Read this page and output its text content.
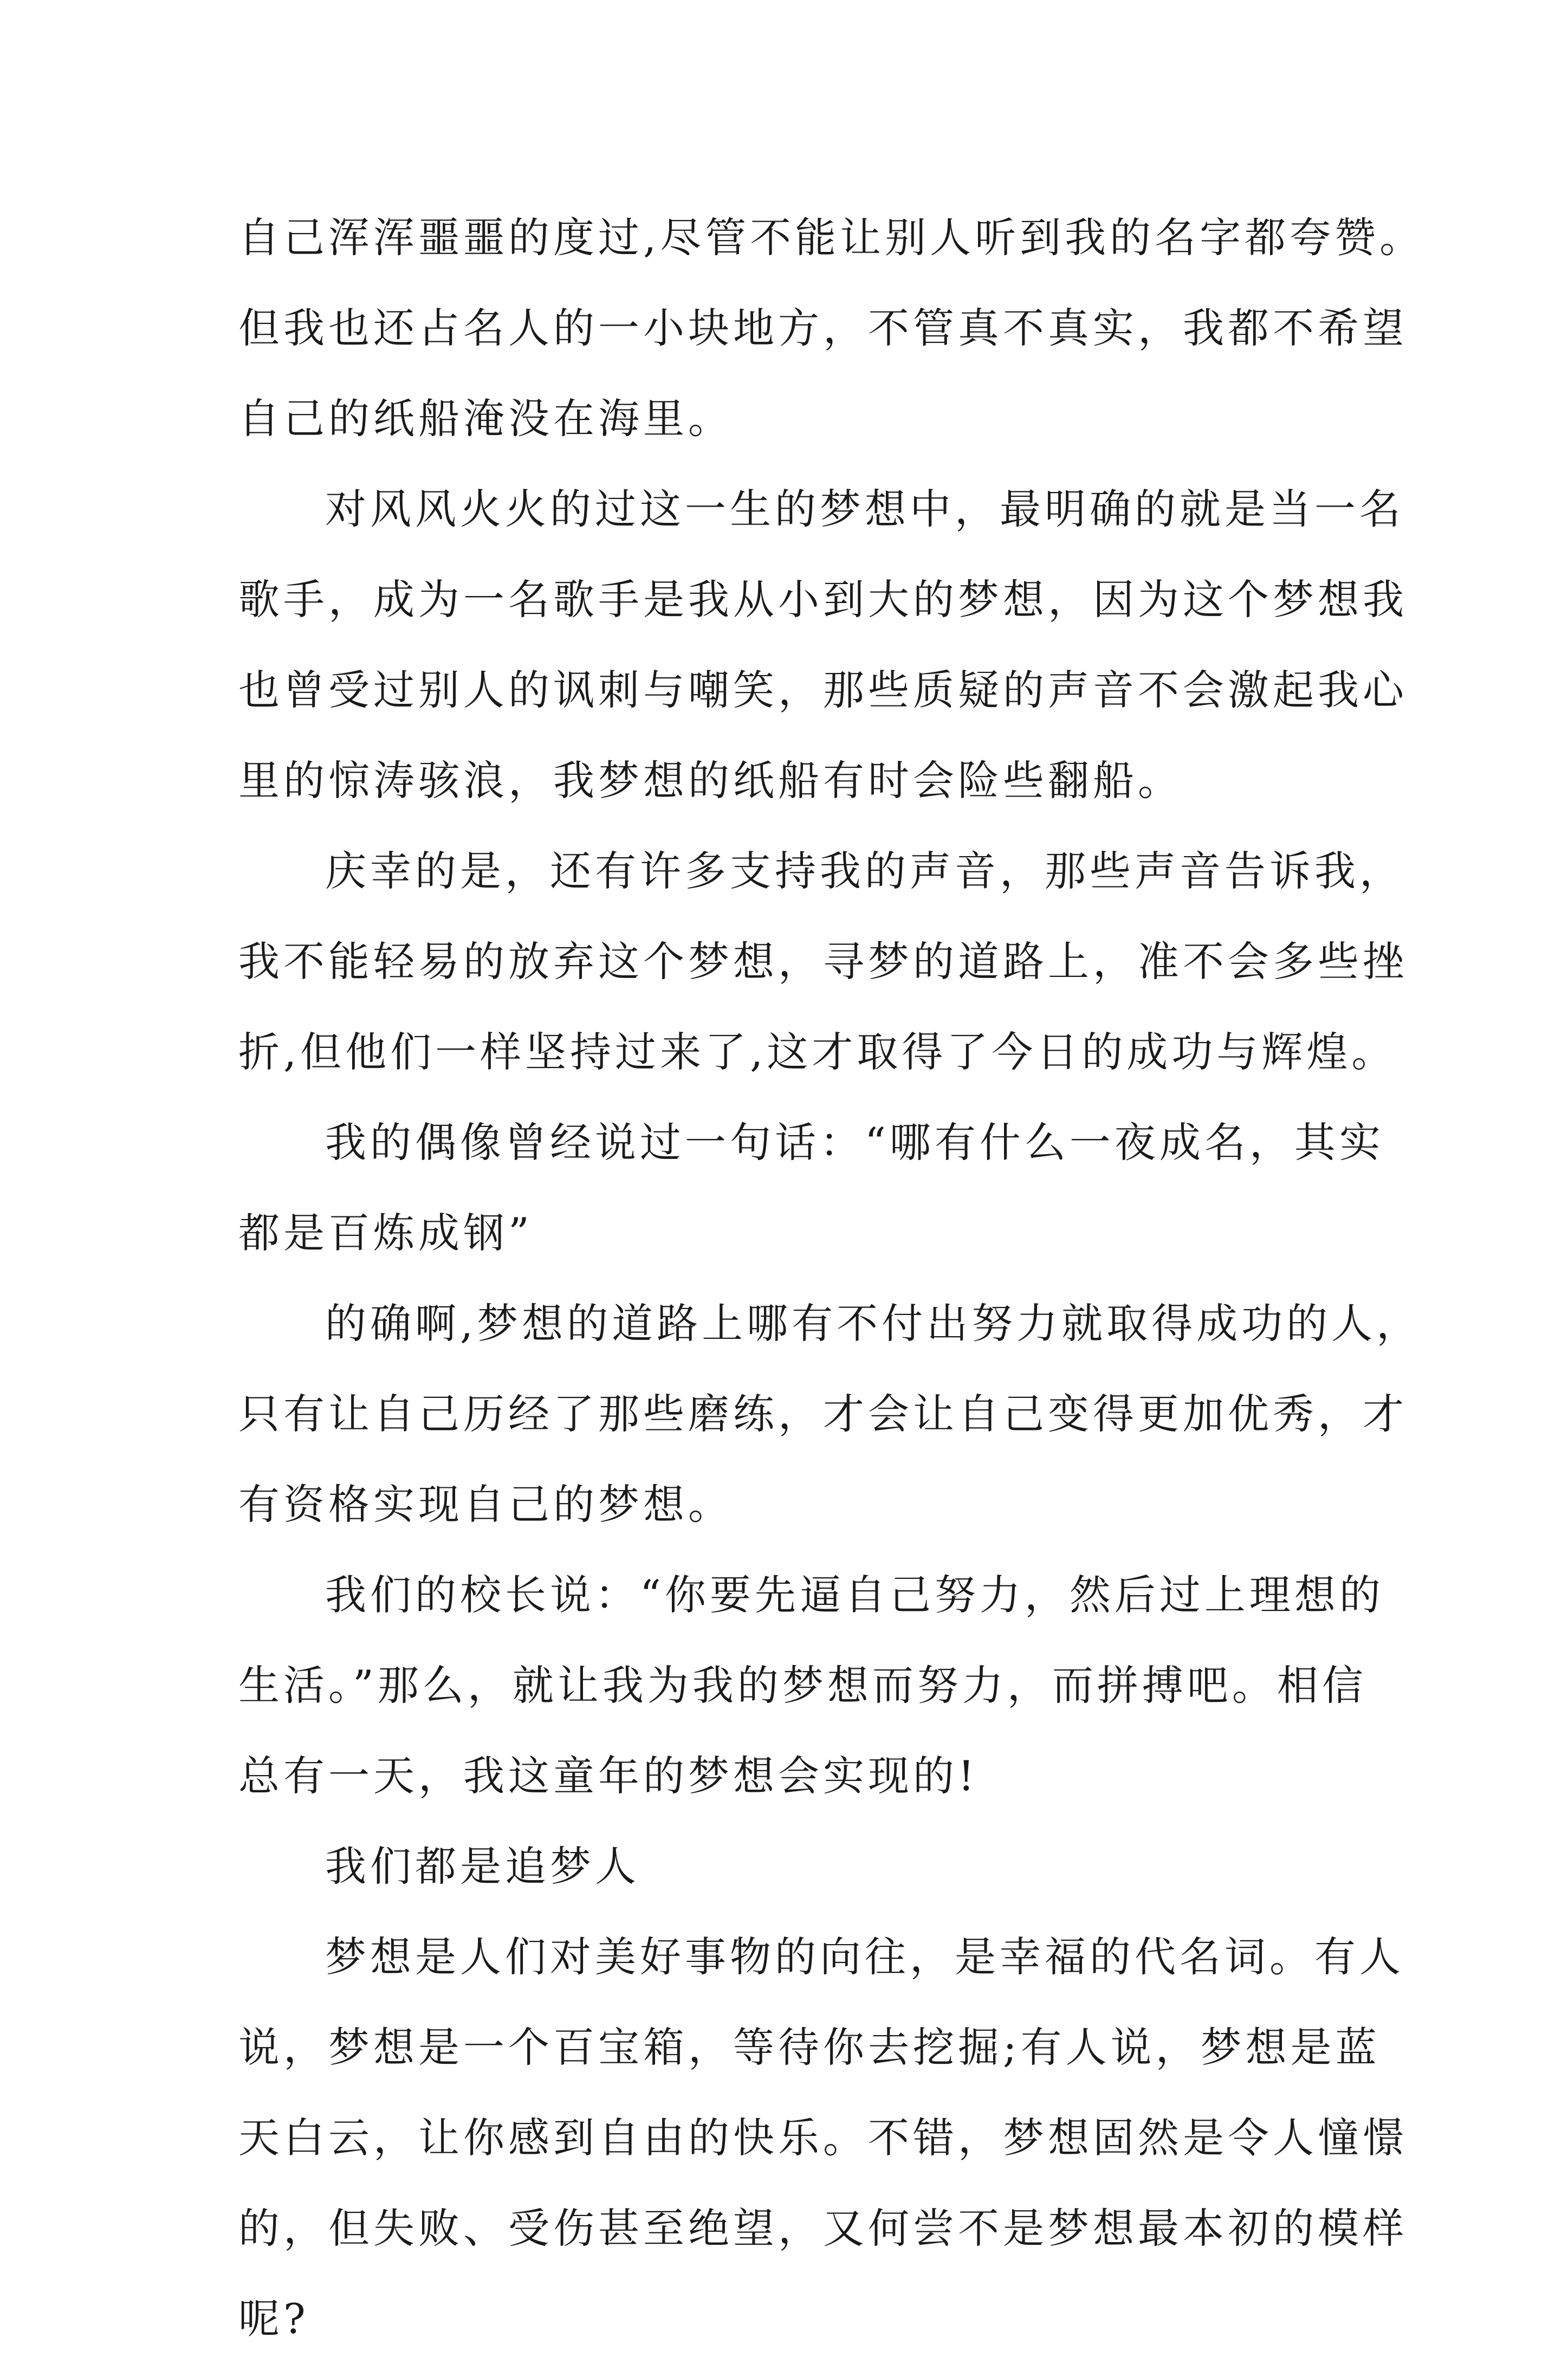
自己浑浑噩噩的度过,尽管不能让别人听到我的名字都夸赞。
但我也还占名人的一小块地方，不管真不真实，我都不希望
自己的纸船淹没在海里。
对风风火火的过这一生的梦想中，最明确的就是当一名
歌手，成为一名歌手是我从小到大的梦想，因为这个梦想我
也曾受过别人的讽刺与嘲笑，那些质疑的声音不会激起我心
里的惊涛骇浪，我梦想的纸船有时会险些翻船。
庆幸的是，还有许多支持我的声音，那些声音告诉我，
我不能轻易的放弃这个梦想，寻梦的道路上，准不会多些挫
折,但他们一样坚持过来了,这才取得了今日的成功与辉煌。
我的偶像曾经说过一句话：“哪有什么一夜成名，其实
都是百炼成钢”
的确啊,梦想的道路上哪有不付出努力就取得成功的人，
只有让自己历经了那些磨练，才会让自己变得更加优秀，才
有资格实现自己的梦想。
我们的校长说：“你要先逼自己努力，然后过上理想的
生活。”那么，就让我为我的梦想而努力，而拼搏吧。相信
总有一天，我这童年的梦想会实现的!
我们都是追梦人
梦想是人们对美好事物的向往，是幸福的代名词。有人
说，梦想是一个百宝箱，等待你去挖掘;有人说，梦想是蓝
天白云，让你感到自由的快乐。不错，梦想固然是令人憧憬
的，但失败、受伤甚至绝望，又何尝不是梦想最本初的模样
呢?
